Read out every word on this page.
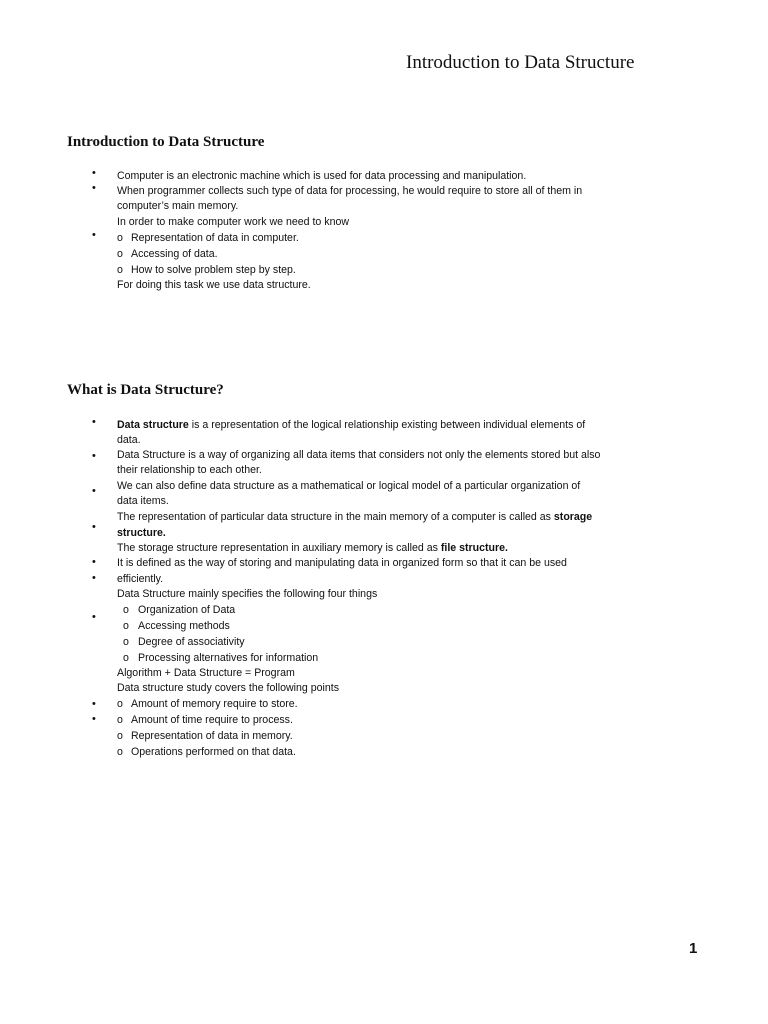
Introduction to Data Structure
Introduction to Data Structure
•
•
•
Computer is an electronic machine which is used for data processing and manipulation.
When programmer collects such type of data for processing, he would require to store all of them in
computer’s main memory.
In order to make computer work we need to know
o Representation of data in computer.
o Accessing of data.
o How to solve problem step by step.
For doing this task we use data structure.
What is Data Structure?
•
•
•
•
•
•
•
•
•
Data structure is a representation of the logical relationship existing between individual elements of
data.
Data Structure is a way of organizing all data items that considers not only the elements stored but also
their relationship to each other.
We can also define data structure as a mathematical or logical model of a particular organization of
data items.
The representation of particular data structure in the main memory of a computer is called as storage
structure.
The storage structure representation in auxiliary memory is called as file structure.
It is defined as the way of storing and manipulating data in organized form so that it can be used
efficiently.
Data Structure mainly specifies the following four things
o Organization of Data
o Accessing methods
o Degree of associativity
o Processing alternatives for information
Algorithm + Data Structure = Program
Data structure study covers the following points
o Amount of memory require to store.
o Amount of time require to process.
o Representation of data in memory.
o Operations performed on that data.
1
